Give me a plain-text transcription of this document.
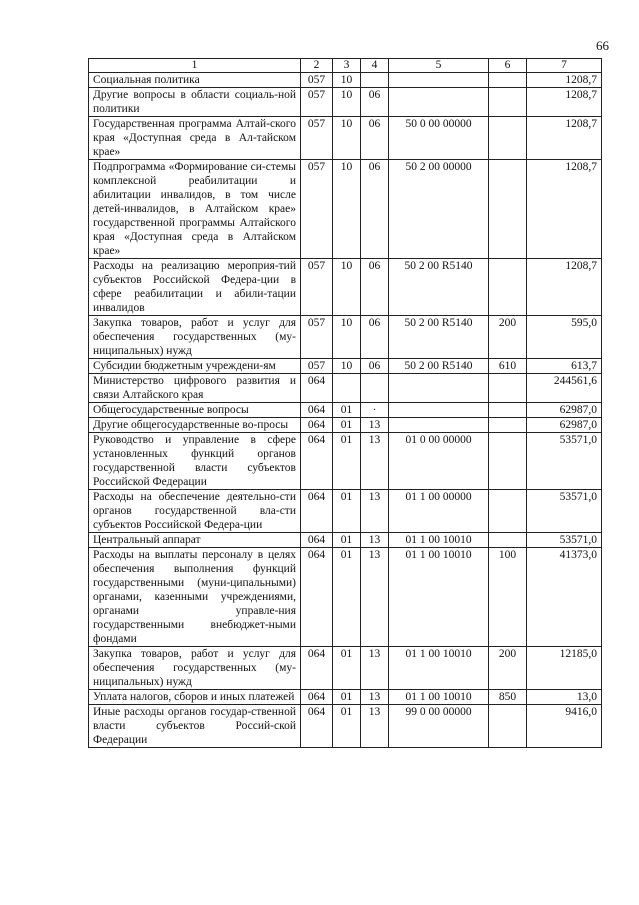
66
1	2	3	4	5	6	7
Социальная политика	057	10				1208,7
Другие вопросы в области социаль-ной политики	057	10	06			1208,7
Государственная программа Алтай-ского края «Доступная среда в Ал-тайском крае»	057	10	06	50 0 00 00000		1208,7
Подпрограмма «Формирование си-стемы комплексной реабилитации и абилитации инвалидов, в том числе детей-инвалидов, в Алтайском крае» государственной программы Алтайского края «Доступная среда в Алтайском крае»	057	10	06	50 2 00 00000		1208,7
Расходы на реализацию мероприя-тий субъектов Российской Федера-ции в сфере реабилитации и абили-тации инвалидов	057	10	06	50 2 00 R5140		1208,7
Закупка товаров, работ и услуг для обеспечения государственных (му-ниципальных) нужд	057	10	06	50 2 00 R5140	200	595,0
Субсидии бюджетным учреждени-ям	057	10	06	50 2 00 R5140	610	613,7
Министерство цифрового развития и связи Алтайского края	064					244561,6
Общегосударственные вопросы	064	01	·			62987,0
Другие общегосударственные во-просы	064	01	13			62987,0
Руководство и управление в сфере установленных функций органов государственной власти субъектов Российской Федерации	064	01	13	01 0 00 00000		53571,0
Расходы на обеспечение деятельно-сти органов государственной вла-сти субъектов Российской Федера-ции	064	01	13	01 1 00 00000		53571,0
Центральный аппарат	064	01	13	01 1 00 10010		53571,0
Расходы на выплаты персоналу в целях обеспечения выполнения функций государственными (муни-ципальными) органами, казенными учреждениями, органами управле-ния государственными внебюджет-ными фондами	064	01	13	01 1 00 10010	100	41373,0
Закупка товаров, работ и услуг для обеспечения государственных (му-ниципальных) нужд	064	01	13	01 1 00 10010	200	12185,0
Уплата налогов, сборов и иных платежей	064	01	13	01 1 00 10010	850	13,0
Иные расходы органов государ-ственной власти субъектов Россий-ской Федерации	064	01	13	99 0 00 00000		9416,0
